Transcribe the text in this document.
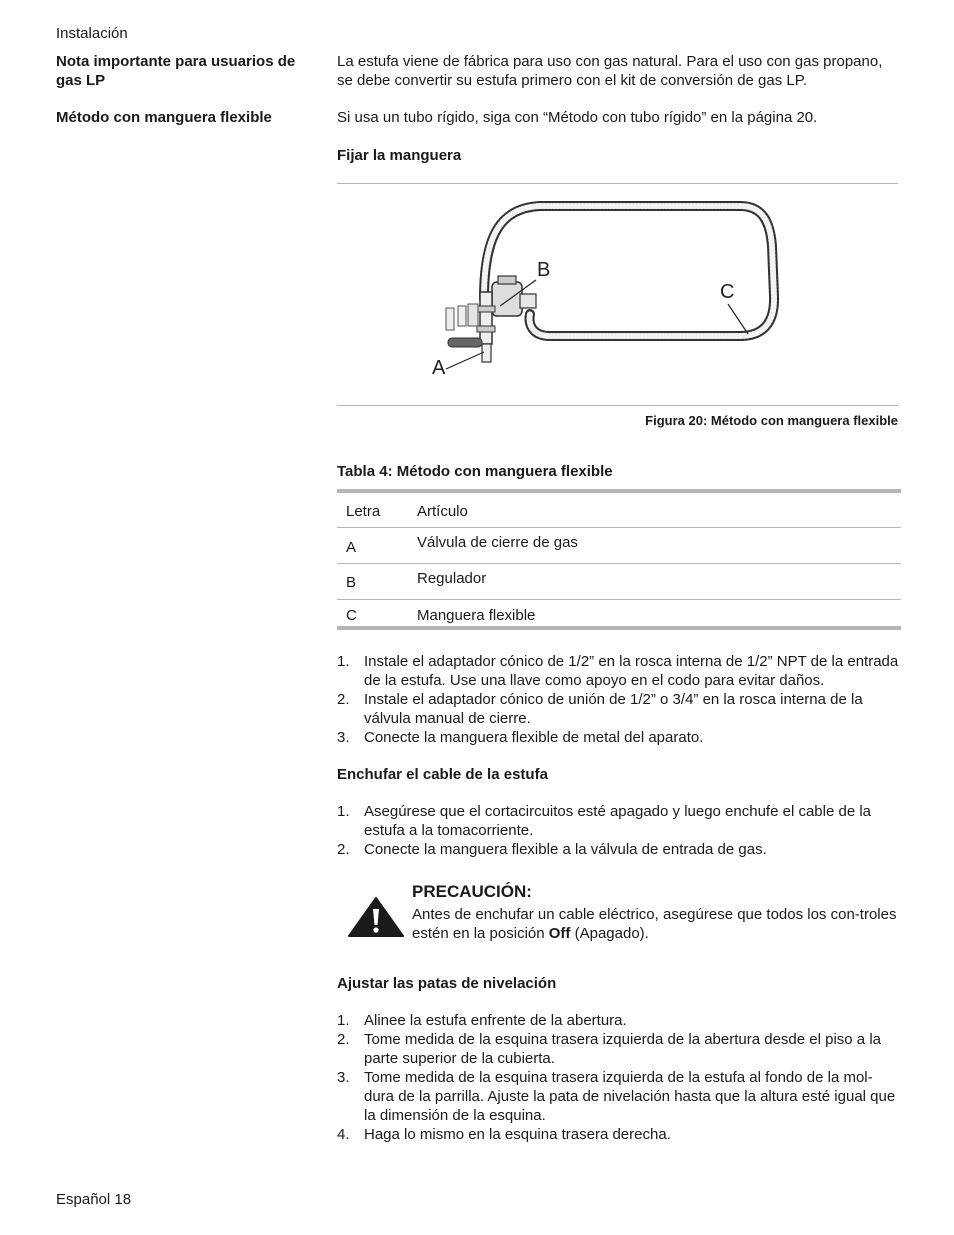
Instalación
Nota importante para usuarios de gas LP
La estufa viene de fábrica para uso con gas natural. Para el uso con gas propano, se debe convertir su estufa primero con el kit de conversión de gas LP.
Método con manguera flexible	Si usa un tubo rígido, siga con “Método con tubo rígido” en la página 20.
Fijar la manguera
B
C
A
Figura 20: Método con manguera flexible
Tabla 4: Método con manguera flexible
Letra	Artículo

A	Válvula de cierre de gas

B	Regulador

C	Manguera flexible
1. Instale el adaptador cónico de 1/2” en la rosca interna de 1/2” NPT de la entrada de la estufa. Use una llave como apoyo en el codo para evitar daños.
2. Instale el adaptador cónico de unión de 1/2” o 3/4” en la rosca interna de la válvula manual de cierre.
3. Conecte la manguera flexible de metal del aparato.
Enchufar el cable de la estufa
1. Asegúrese que el cortacircuitos esté apagado y luego enchufe el cable de la estufa a la tomacorriente.
2. Conecte la manguera flexible a la válvula de entrada de gas.
PRECAUCIÓN:
Antes de enchufar un cable eléctrico, asegúrese que todos los con-troles estén en la posición Off (Apagado).
Ajustar las patas de nivelación
1. Alinee la estufa enfrente de la abertura.
2. Tome medida de la esquina trasera izquierda de la abertura desde el piso a la parte superior de la cubierta.
3. Tome medida de la esquina trasera izquierda de la estufa al fondo de la mol-dura de la parrilla. Ajuste la pata de nivelación hasta que la altura esté igual que la dimensión de la esquina.
4. Haga lo mismo en la esquina trasera derecha.
Español 18
